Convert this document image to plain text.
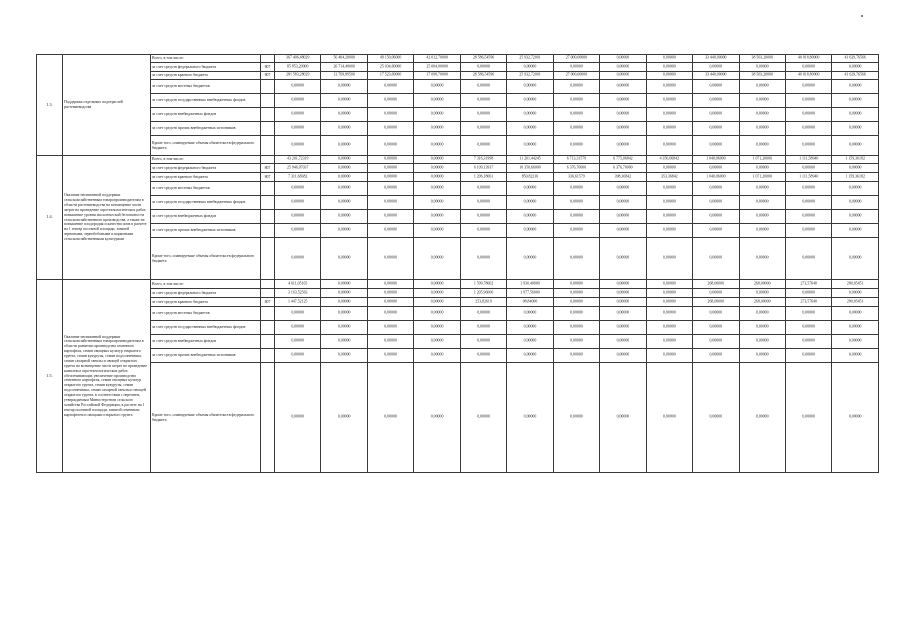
1.3.	Поддержка отдельных подотраслей растениеводства	Всего, в том числе:		367 406,48029	56 404,20000	49 150,06000	42 012,70000	28 586,54596	25 932,72001	27 000,00000	0,00000	0,00000	33 440,00000	38 503,20000	40 018,80000	41 629,76566
		за счет средств федерального бюджета	807	85 853,20000	26 714,40000	25 034,60000	25 004,00000	0,00000	0,00000	0,00000	0,00000	0,00000	0,00000	0,00000	0,00000	0,00000
		за счет средств краевого бюджета	807	281 583,28029	12 769,89500	17 523,69000	17 098,70000	28 586,54596	25 932,72001	27 000,00000	0,00000	0,00000	33 440,00000	38 503,20000	40 018,80000	41 629,76566
		за счет средств местных бюджетов		0,00000	0,00000	0,00000	0,00000	0,00000	0,00000	0,00000	0,00000	0,00000	0,00000	0,00000	0,00000	0,00000
		за счет средств государственных внебюджетных фондов		0,00000	0,00000	0,00000	0,00000	0,00000	0,00000	0,00000	0,00000	0,00000	0,00000	0,00000	0,00000	0,00000
		за счет средств внебюджетных фондов		0,00000	0,00000	0,00000	0,00000	0,00000	0,00000	0,00000	0,00000	0,00000	0,00000	0,00000	0,00000	0,00000
		за счет средств прочих внебюджетных источников		0,00000	0,00000	0,00000	0,00000	0,00000	0,00000	0,00000	0,00000	0,00000	0,00000	0,00000	0,00000	0,00000
		Кроме того, планируемые объемы обязательств федерального бюджета		0,00000	0,00000	0,00000	0,00000	0,00000	0,00000	0,00000	0,00000	0,00000	0,00000	0,00000	0,00000	0,00000
1.4.	Оказание несвязанной поддержки сельскохозяйственным товаропроизводителям в области растениеводства на возмещение части затрат на проведение агротехнологических работ, повышение уровня экологической безопасности сельскохозяйственного производства, а также на повышение плодородия и качества почв в расчете на 1 гектар посевной площади, занятой зерновыми, зернобобовыми и кормовыми сельскохозяйственными культурами	Всего, в том числе:		43 201,72319	0,00000	0,00000	0,00000	7 316,31998	11 201,44245	6 713,31579	6 775,06842	4 350,06842	1 040,06000	1 071,20000	1 111,58940	1 159,36182
		за счет средств федерального бюджета	807	25 946,07037	0,00000	0,00000	0,00000	6 109,13937	10 350,66000	6 376,70000	6 376,70000	0,00000	0,00000	0,00000	0,00000	0,00000
		за счет средств краевого бюджета	807	7 311,68382	0,00000	0,00000	0,00000	1 206,18061	850,82216	336,61579	398,36842	353,36842	1 040,06000	1 071,20000	1 111,58940	1 159,36182
		за счет средств местных бюджетов		0,00000	0,00000	0,00000	0,00000	0,00000	0,00000	0,00000	0,00000	0,00000	0,00000	0,00000	0,00000	0,00000
		за счет средств государственных внебюджетных фондов		0,00000	0,00000	0,00000	0,00000	0,00000	0,00000	0,00000	0,00000	0,00000	0,00000	0,00000	0,00000	0,00000
		за счет средств внебюджетных фондов		0,00000	0,00000	0,00000	0,00000	0,00000	0,00000	0,00000	0,00000	0,00000	0,00000	0,00000	0,00000	0,00000
		за счет средств прочих внебюджетных источников		0,00000	0,00000	0,00000	0,00000	0,00000	0,00000	0,00000	0,00000	0,00000	0,00000	0,00000	0,00000	0,00000
		Кроме того, планируемые объемы обязательств федерального бюджета		0,00000	0,00000	0,00000	0,00000	0,00000	0,00000	0,00000	0,00000	0,00000	0,00000	0,00000	0,00000	0,00000
1.5.	Оказание несвязанной поддержки сельскохозяйственным товаропроизводителям в области развития производства семенного картофеля, семян овощных культур открытого грунта, семян кукурузы, семян подсолнечника, семян сахарной свеклы и овощей открытого грунта на возмещение части затрат на проведение комплекса агротехнологических работ, обеспечивающих увеличение производства семенного картофеля, семян овощных культур открытого грунта, семян кукурузы, семян подсолнечника, семян сахарной свеклы и овощей открытого грунта, в соответствии с перечнем, утверждаемым Министерством сельского хозяйства Российской Федерации, в расчете на 1 гектар посевной площади, занятой семенным картофелем и овощами открытого грунта	Всего, в том числе:		4 611,05165	0,00000	0,00000	0,00000	1 599,78602	1 930,40000	0,00000	0,00000	0,00000	268,00000	268,00000	273,57640	280,05451
		за счет средств федерального бюджета		3 163,52563	0,00000	0,00000	0,00000	1 205,96000	1 977,56000	0,00000	0,00000	0,00000	0,00000	0,00000	0,00000	0,00000
		за счет средств краевого бюджета	807	1 447,52125	0,00000	0,00000	0,00000	253,82619	98,84000	0,00000	0,00000	0,00000	268,00000	268,00000	273,57640	280,05451
		за счет средств местных бюджетов		0,00000	0,00000	0,00000	0,00000	0,00000	0,00000	0,00000	0,00000	0,00000	0,00000	0,00000	0,00000	0,00000
		за счет средств государственных внебюджетных фондов		0,00000	0,00000	0,00000	0,00000	0,00000	0,00000	0,00000	0,00000	0,00000	0,00000	0,00000	0,00000	0,00000
		за счет средств внебюджетных фондов		0,00000	0,00000	0,00000	0,00000	0,00000	0,00000	0,00000	0,00000	0,00000	0,00000	0,00000	0,00000	0,00000
		за счет средств прочих внебюджетных источников		0,00000	0,00000	0,00000	0,00000	0,00000	0,00000	0,00000	0,00000	0,00000	0,00000	0,00000	0,00000	0,00000
		Кроме того, планируемые объемы обязательств федерального бюджета		0,00000	0,00000	0,00000	0,00000	0,00000	0,00000	0,00000	0,00000	0,00000	0,00000	0,00000	0,00000	0,00000
